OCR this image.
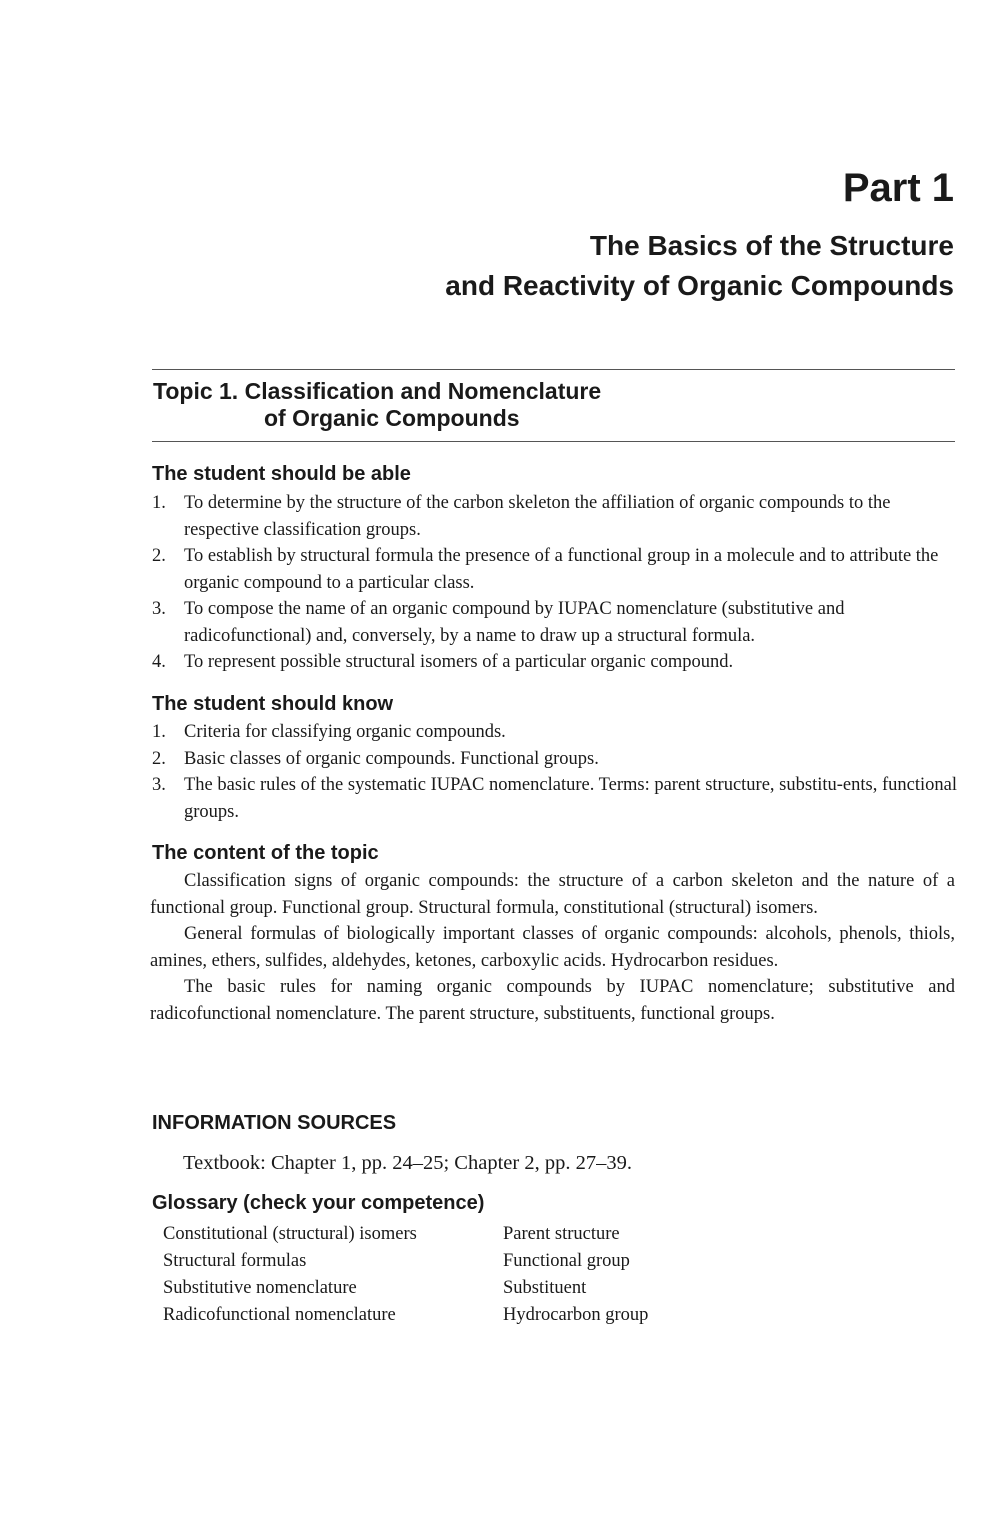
Part 1
The Basics of the Structure
and Reactivity of Organic Compounds
Topic 1. Classification and Nomenclature
of Organic Compounds
The student should be able
1. To determine by the structure of the carbon skeleton the affiliation of organic compounds to the respective classification groups.
2. To establish by structural formula the presence of a functional group in a molecule and to attribute the organic compound to a particular class.
3. To compose the name of an organic compound by IUPAC nomenclature (substitutive and radicofunctional) and, conversely, by a name to draw up a structural formula.
4. To represent possible structural isomers of a particular organic compound.
The student should know
1. Criteria for classifying organic compounds.
2. Basic classes of organic compounds. Functional groups.
3. The basic rules of the systematic IUPAC nomenclature. Terms: parent structure, substitu-ents, functional groups.
The content of the topic

Classification signs of organic compounds: the structure of a carbon skeleton and the nature of a functional group. Functional group. Structural formula, constitutional (structural) isomers.

General formulas of biologically important classes of organic compounds: alcohols, phenols, thiols, amines, ethers, sulfides, aldehydes, ketones, carboxylic acids. Hydrocarbon residues.

The basic rules for naming organic compounds by IUPAC nomenclature; substitutive and radicofunctional nomenclature. The parent structure, substituents, functional groups.

INFORMATION SOURCES
Textbook: Chapter 1, pp. 24–25; Chapter 2, pp. 27–39.
Glossary (check your competence)
Constitutional (structural) isomers	Parent structure
Structural formulas	Functional group
Substitutive nomenclature	Substituent
Radicofunctional nomenclature	Hydrocarbon group
